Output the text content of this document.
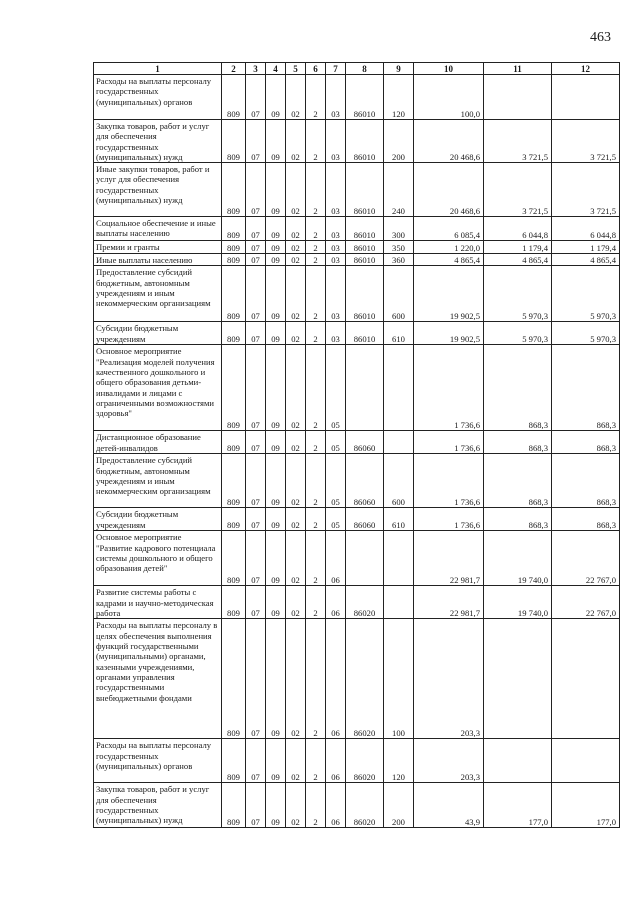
463
1	2	3	4	5	6	7	8	9	10	11	12

Расходы на выплаты персоналу государственных (муниципальных) органов	809	07	09	02	2	03	86010	120	100,0		

Закупка товаров, работ и услуг для обеспечения государственных (муниципальных) нужд	809	07	09	02	2	03	86010	200	20 468,6	3 721,5	3 721,5

Иные закупки товаров, работ и услуг для обеспечения государственных (муниципальных) нужд	809	07	09	02	2	03	86010	240	20 468,6	3 721,5	3 721,5

Социальное обеспечение и иные выплаты населению	809	07	09	02	2	03	86010	300	6 085,4	6 044,8	6 044,8

Премии и гранты	809	07	09	02	2	03	86010	350	1 220,0	1 179,4	1 179,4

Иные выплаты населению	809	07	09	02	2	03	86010	360	4 865,4	4 865,4	4 865,4

Предоставление субсидий бюджетным, автономным учреждениям и иным некоммерческим организациям	809	07	09	02	2	03	86010	600	19 902,5	5 970,3	5 970,3

Субсидии бюджетным учреждениям	809	07	09	02	2	03	86010	610	19 902,5	5 970,3	5 970,3

Основное мероприятие "Реализация моделей получения качественного дошкольного и общего образования детьми-инвалидами и лицами с ограниченными возможностями здоровья"	809	07	09	02	2	05			1 736,6	868,3	868,3

Дистанционное образование детей-инвалидов	809	07	09	02	2	05	86060		1 736,6	868,3	868,3

Предоставление субсидий бюджетным, автономным учреждениям и иным некоммерческим организациям	809	07	09	02	2	05	86060	600	1 736,6	868,3	868,3

Субсидии бюджетным учреждениям	809	07	09	02	2	05	86060	610	1 736,6	868,3	868,3

Основное мероприятие "Развитие кадрового потенциала системы дошкольного и общего образования детей"	809	07	09	02	2	06			22 981,7	19 740,0	22 767,0

Развитие системы работы с кадрами и научно-методическая работа	809	07	09	02	2	06	86020		22 981,7	19 740,0	22 767,0

Расходы на выплаты персоналу в целях обеспечения выполнения функций государственными (муниципальными) органами, казенными учреждениями, органами управления государственными внебюджетными фондами	809	07	09	02	2	06	86020	100	203,3		

Расходы на выплаты персоналу государственных (муниципальных) органов	809	07	09	02	2	06	86020	120	203,3		

Закупка товаров, работ и услуг для обеспечения государственных (муниципальных) нужд	809	07	09	02	2	06	86020	200	43,9	177,0	177,0
